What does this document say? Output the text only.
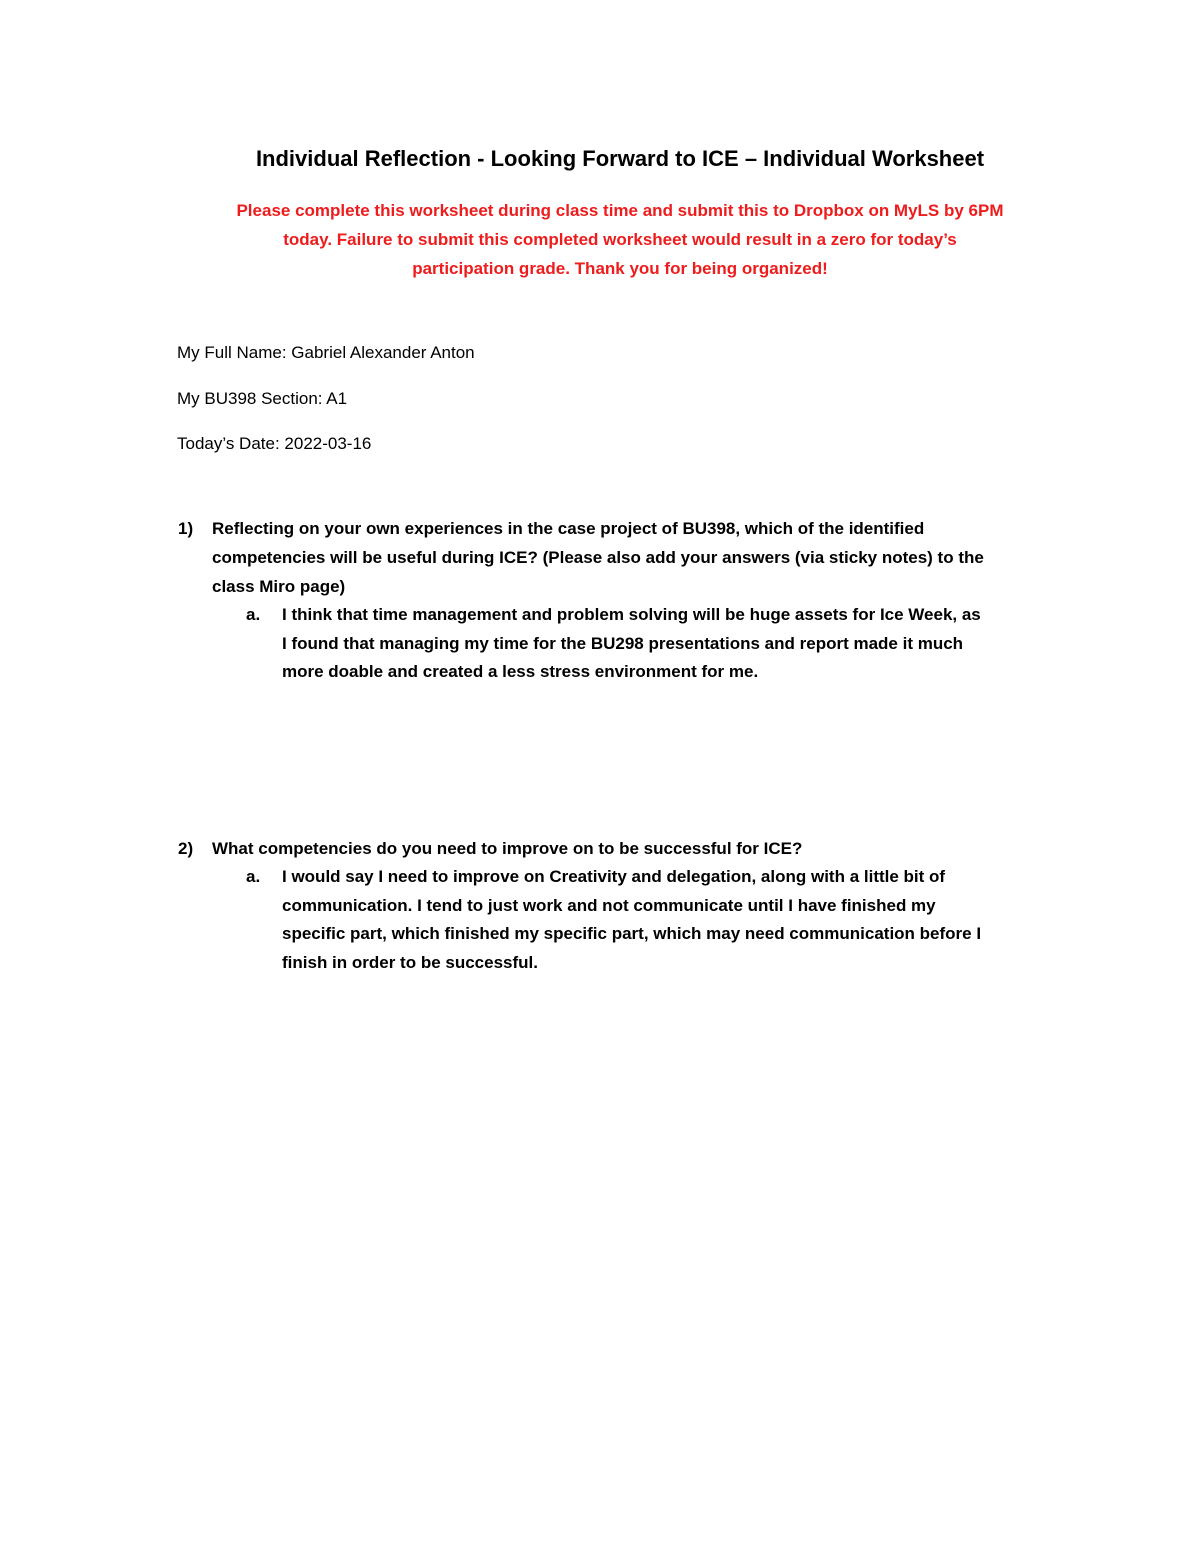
Individual Reflection - Looking Forward to ICE – Individual Worksheet
Please complete this worksheet during class time and submit this to Dropbox on MyLS by 6PM
today. Failure to submit this completed worksheet would result in a zero for today’s
participation grade. Thank you for being organized!
My Full Name: Gabriel Alexander Anton
My BU398 Section: A1
Today’s Date: 2022-03-16
1) Reflecting on your own experiences in the case project of BU398, which of the identified
competencies will be useful during ICE? (Please also add your answers (via sticky notes) to the
class Miro page)
a. I think that time management and problem solving will be huge assets for Ice Week, as
I found that managing my time for the BU298 presentations and report made it much
more doable and created a less stress environment for me.
2) What competencies do you need to improve on to be successful for ICE?
a. I would say I need to improve on Creativity and delegation, along with a little bit of
communication. I tend to just work and not communicate until I have finished my
specific part, which finished my specific part, which may need communication before I
finish in order to be successful.
